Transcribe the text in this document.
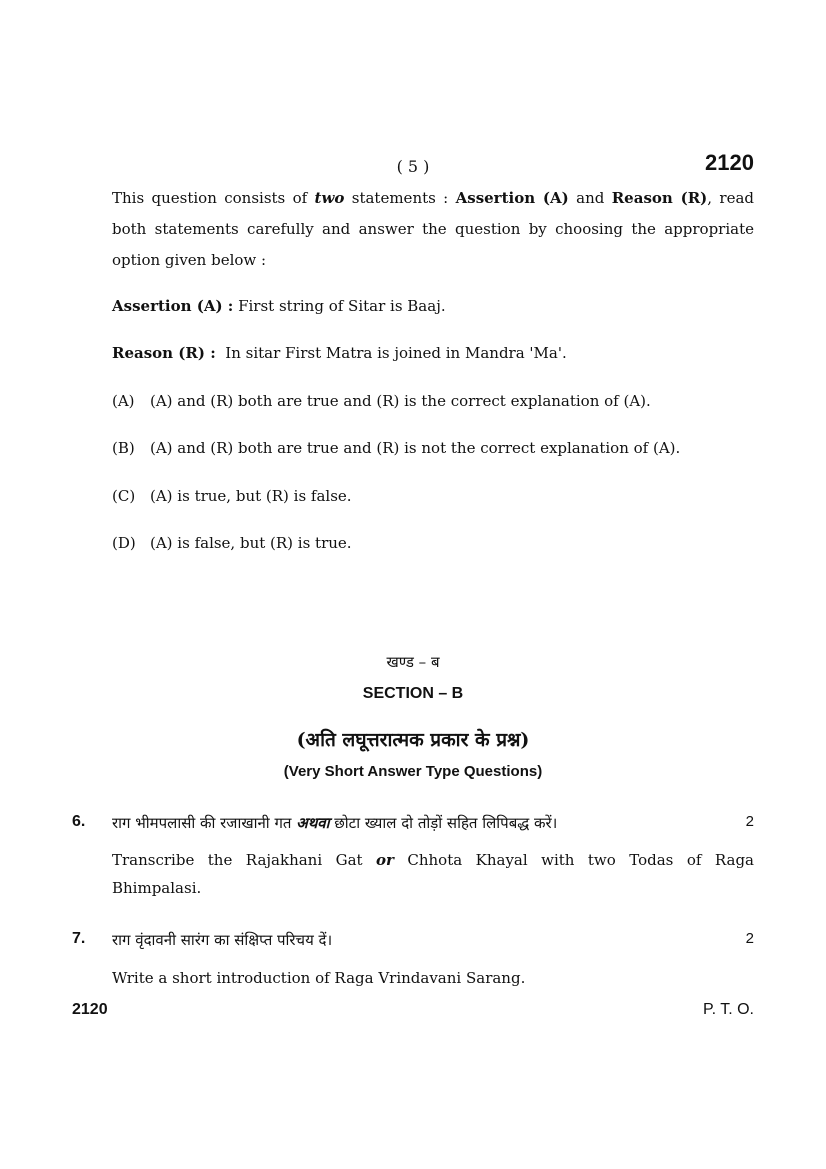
( 5 )	2120
This question consists of two statements : Assertion (A) and Reason (R), read both statements carefully and answer the question by choosing the appropriate option given below :
Assertion (A) : First string of Sitar is Baaj.
Reason (R) :  In sitar First Matra is joined in Mandra 'Ma'.
(A) (A) and (R) both are true and (R) is the correct explanation of (A).
(B) (A) and (R) both are true and (R) is not the correct explanation of (A).
(C) (A) is true, but (R) is false.
(D) (A) is false, but (R) is true.
खण्ड – ब
SECTION – B
(अति लघूत्तरात्मक प्रकार के प्रश्न)
(Very Short Answer Type Questions)
6. राग भीमपलासी की रजाखानी गत अथवा छोटा ख्याल दो तोड़ों सहित लिपिबद्ध करें।	2
Transcribe the Rajakhani Gat or Chhota Khayal with two Todas of Raga Bhimpalasi.
7. राग वृंदावनी सारंग का संक्षिप्त परिचय दें।	2
Write a short introduction of Raga Vrindavani Sarang.
2120	P. T. O.
